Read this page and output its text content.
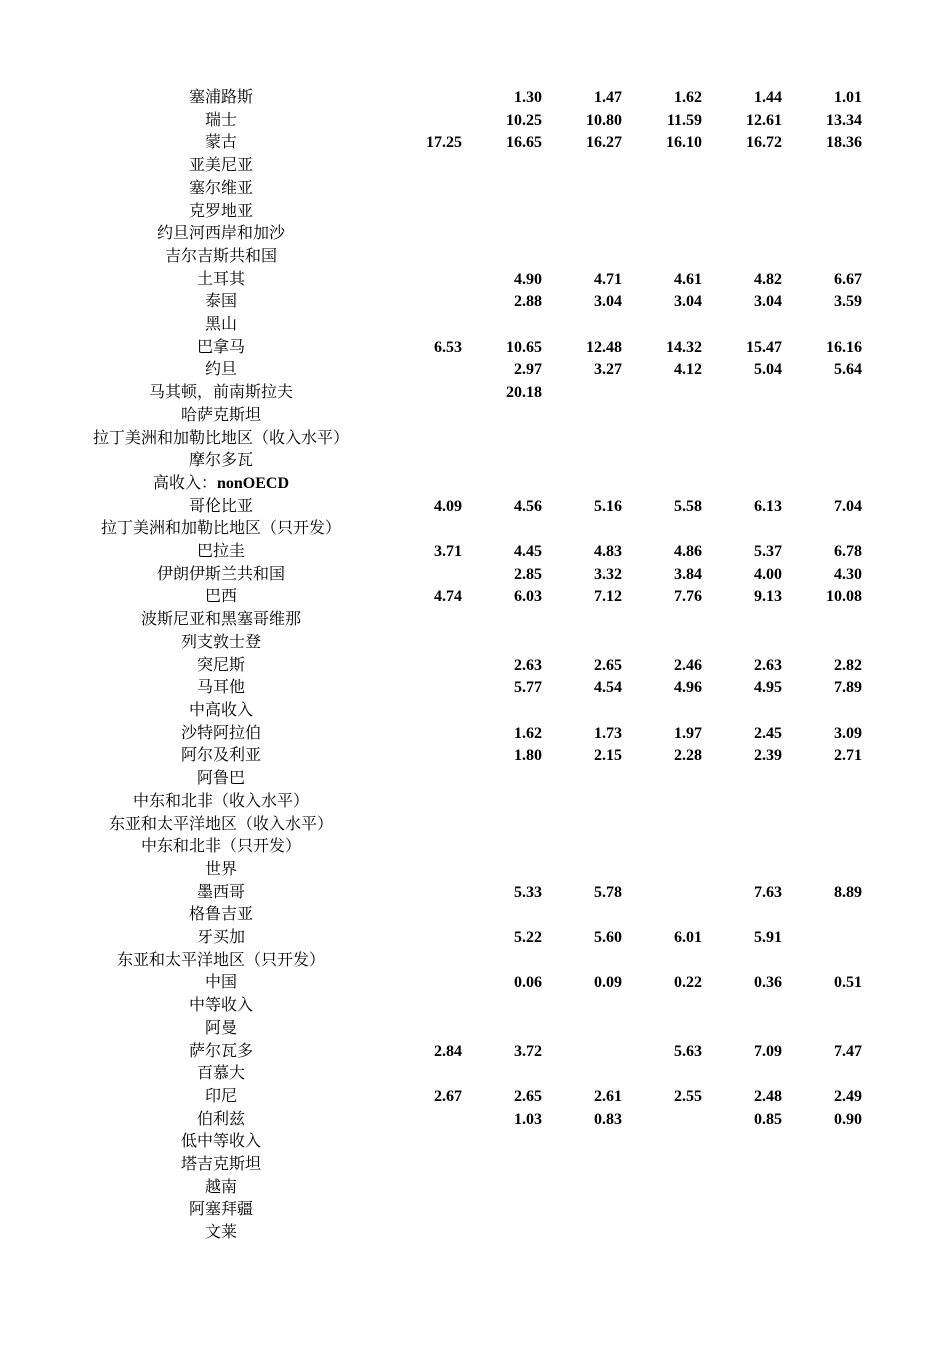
塞浦路斯		1.30	1.47	1.62	1.44	1.01
瑞士		10.25	10.80	11.59	12.61	13.34
蒙古	17.25	16.65	16.27	16.10	16.72	18.36
亚美尼亚						
塞尔维亚						
克罗地亚						
约旦河西岸和加沙						
吉尔吉斯共和国						
土耳其		4.90	4.71	4.61	4.82	6.67
泰国		2.88	3.04	3.04	3.04	3.59
黑山						
巴拿马	6.53	10.65	12.48	14.32	15.47	16.16
约旦		2.97	3.27	4.12	5.04	5.64
马其顿，前南斯拉夫		20.18				
哈萨克斯坦						
拉丁美洲和加勒比地区（收入水平）						
摩尔多瓦						
高收入：nonOECD						
哥伦比亚	4.09	4.56	5.16	5.58	6.13	7.04
拉丁美洲和加勒比地区（只开发）						
巴拉圭	3.71	4.45	4.83	4.86	5.37	6.78
伊朗伊斯兰共和国		2.85	3.32	3.84	4.00	4.30
巴西	4.74	6.03	7.12	7.76	9.13	10.08
波斯尼亚和黑塞哥维那						
列支敦士登						
突尼斯		2.63	2.65	2.46	2.63	2.82
马耳他		5.77	4.54	4.96	4.95	7.89
中高收入						
沙特阿拉伯		1.62	1.73	1.97	2.45	3.09
阿尔及利亚		1.80	2.15	2.28	2.39	2.71
阿鲁巴						
中东和北非（收入水平）						
东亚和太平洋地区（收入水平）						
中东和北非（只开发）						
世界						
墨西哥		5.33	5.78		7.63	8.89
格鲁吉亚						
牙买加		5.22	5.60	6.01	5.91	
东亚和太平洋地区（只开发）						
中国		0.06	0.09	0.22	0.36	0.51
中等收入						
阿曼						
萨尔瓦多	2.84	3.72		5.63	7.09	7.47
百慕大						
印尼	2.67	2.65	2.61	2.55	2.48	2.49
伯利兹		1.03	0.83		0.85	0.90
低中等收入						
塔吉克斯坦						
越南						
阿塞拜疆						
文莱						
